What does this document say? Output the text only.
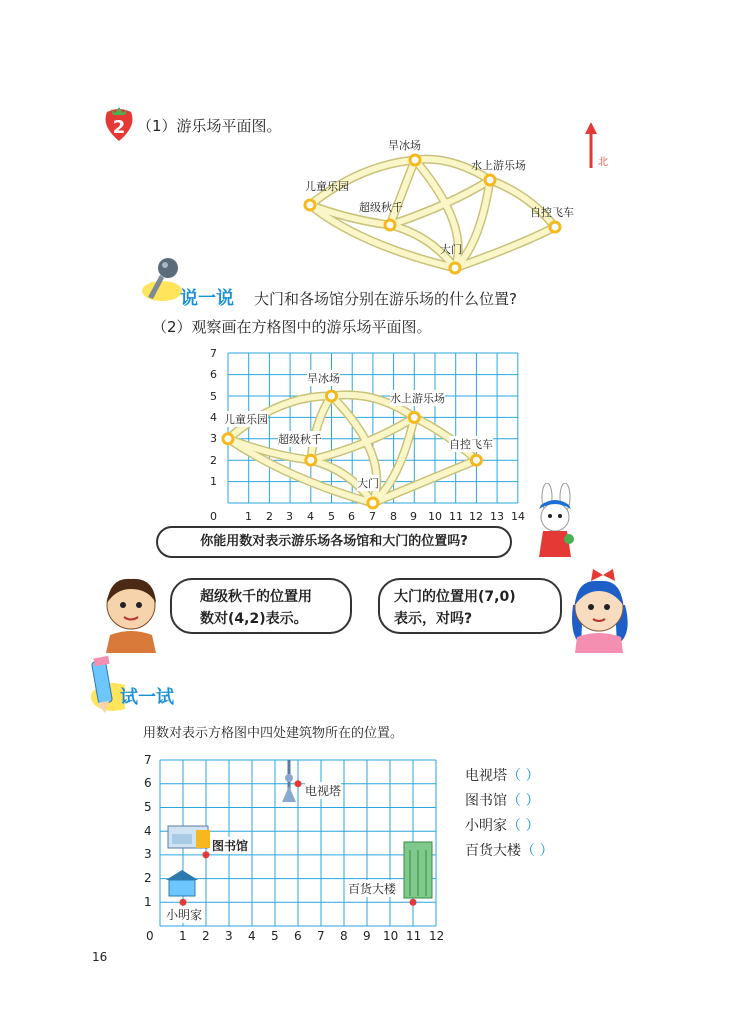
2 （1）游乐场平面图。
北
旱冰场
儿童乐园
水上游乐场
超级秋千	自控飞车
大门
说一说 大门和各场馆分别在游乐场的什么位置?
（2）观察画在方格图中的游乐场平面图。
0	1 2 3 4 5 6 7 8 9 10 11 12 13 14
1
2
3
4
5
6
7
旱冰场
儿童乐园
水上游乐场
超级秋千	自控飞车
大门
你能用数对表示游乐场各场馆和大门的位置吗?
超级秋千的位置用
数对(4,2)表示。
大门的位置用(7,0)
表示，对吗?
试一试
用数对表示方格图中四处建筑物所在的位置。
0 1 2 3 4 5 6 7 8 9 10 11 12
1
2
3
4
5
6
7
电视塔
图书馆
小明家
百货大楼
电视塔（ ）
图书馆（ ）
小明家（ ）
百货大楼（ ）
16
